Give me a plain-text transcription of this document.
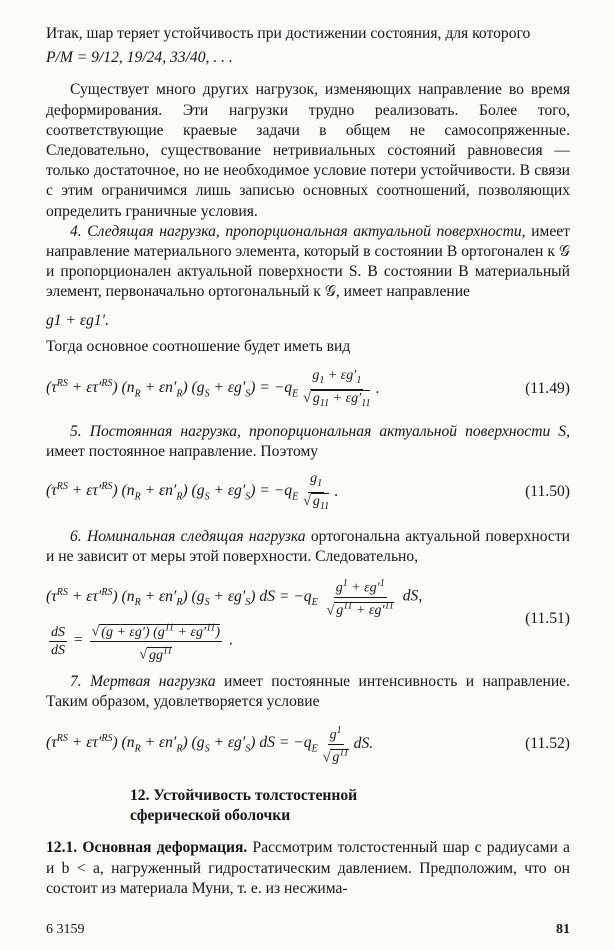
Итак, шар теряет устойчивость при достижении состояния, для которого

P/M = 9/12, 19/24, 33/40, . . .

Существует много других нагрузок, изменяющих направление во время деформирования. Эти нагрузки трудно реализовать. Более того, соответствующие краевые задачи в общем не самосопряженные. Следовательно, существование нетривиальных состояний равновесия — только достаточное, но не необходимое условие потери устойчивости. В связи с этим ограничимся лишь записью основных соотношений, позволяющих определить граничные условия.

4. Следящая нагрузка, пропорциональная актуальной поверхности, имеет направление материального элемента, который в состоянии B ортогонален к 𝒢 и пропорционален актуальной поверхности S. В состоянии B материальный элемент, первоначально ортогональный к 𝒢, имеет направление

g1 + εg1′.

Тогда основное соотношение будет иметь вид

$(\tau^{RS} + \varepsilon\tau'^{RS}) (n_R + \varepsilon n'_R) (g_S + \varepsilon g'_S) = -q_E \frac{g_1 + \varepsilon g'_1}{√ g_{11} + \varepsilon g'_{11}}$ .	(11.49)

5. Постоянная нагрузка, пропорциональная актуальной поверхности S, имеет постоянное направление. Поэтому

$(\tau^{RS} + \varepsilon\tau'^{RS}) (n_R + \varepsilon n'_R) (g_S + \varepsilon g'_S) = -q_E \frac{g_1}{√ g_{11}}$ .	(11.50)

6. Номинальная следящая нагрузка ортогональна актуальной поверхности и не зависит от меры этой поверхности. Следовательно,

$(\tau^{RS} + \varepsilon\tau'^{RS}) (n_R + \varepsilon n'_R) (g_S + \varepsilon g'_S)$ dS = $-q_E \frac{g^1 + \varepsilon g'^1}{√ g^{11} + \varepsilon g'^{11}}$ dS,
$\frac{dS}{dS} = \frac{√ (g + \varepsilon g') (g^{11} + \varepsilon g'^{11})}{√ gg^{11}}$ .
(11.51)

7. Мертвая нагрузка имеет постоянные интенсивность и направление. Таким образом, удовлетворяется условие

$(\tau^{RS} + \varepsilon\tau'^{RS}) (n_R + \varepsilon n'_R) (g_S + \varepsilon g'_S)$ dS = $-q_E \frac{g^1}{√ g^{11}}$ dS.	(11.52)
12. Устойчивость толстостенной
сферической оболочки

12.1. Основная деформация. Рассмотрим толстостенный шар с радиусами a и b < a, нагруженный гидростатическим давлением. Предположим, что он состоит из материала Муни, т. е. из несжима-

6 3159	81
